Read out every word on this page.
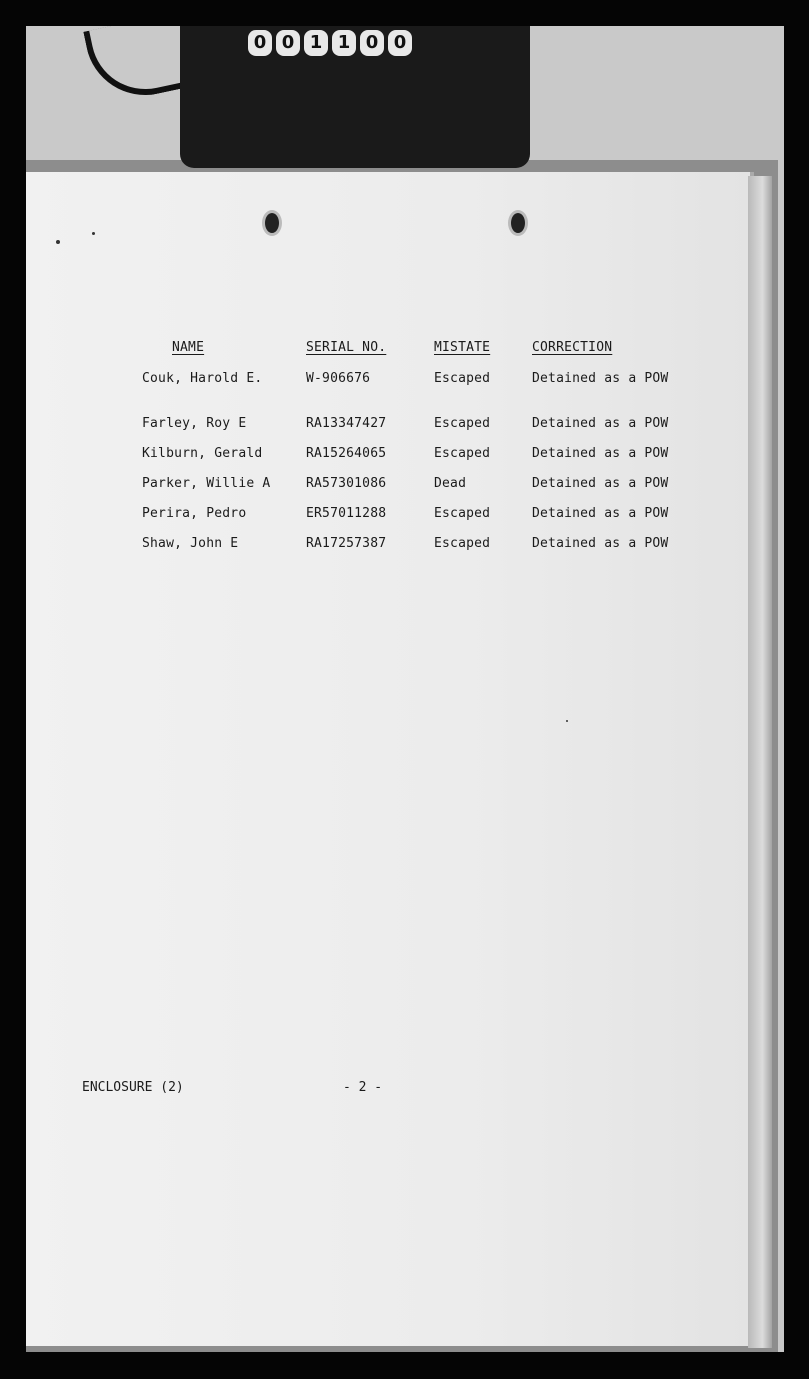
0 0 1 1 0 0
NAME	SERIAL NO.	MISTATE	CORRECTION
Couk, Harold E.	W-906676	Escaped	Detained as a POW
Farley, Roy E	RA13347427	Escaped	Detained as a POW
Kilburn, Gerald	RA15264065	Escaped	Detained as a POW
Parker, Willie A	RA57301086	Dead	Detained as a POW
Perira, Pedro	ER57011288	Escaped	Detained as a POW
Shaw, John E	RA17257387	Escaped	Detained as a POW
ENCLOSURE (2)	- 2 -
